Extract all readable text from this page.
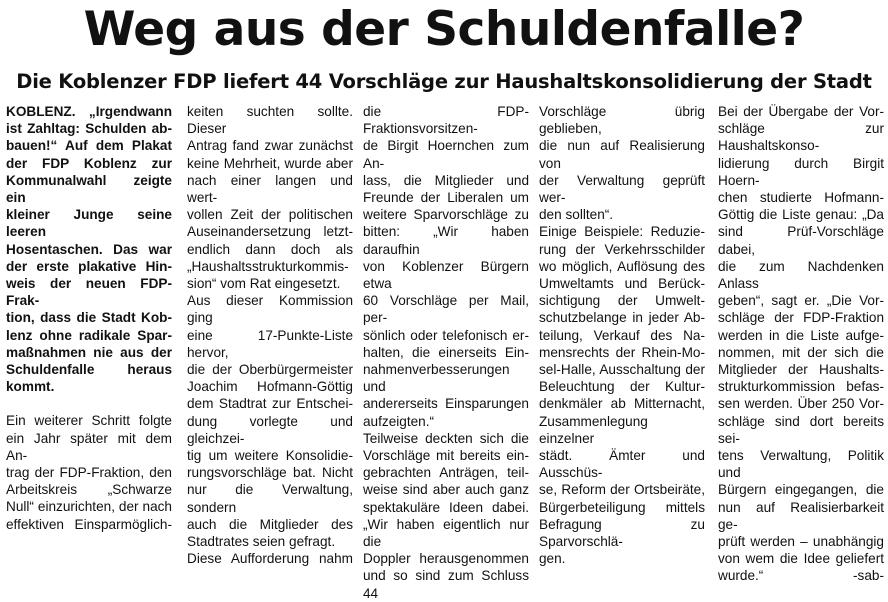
Weg aus der Schuldenfalle?
Die Koblenzer FDP liefert 44 Vorschläge zur Haushaltskonsolidierung der Stadt

KOBLENZ. „Irgendwann

ist Zahltag: Schulden ab-

bauen!“ Auf dem Plakat

der FDP Koblenz zur

Kommunalwahl zeigte ein

kleiner Junge seine leeren

Hosentaschen. Das war

der erste plakative Hin-

weis der neuen FDP-Frak-

tion, dass die Stadt Kob-

lenz ohne radikale Spar-

maßnahmen nie aus der

Schuldenfalle heraus

kommt.

Ein weiterer Schritt folgte

ein Jahr später mit dem An-

trag der FDP-Fraktion, den

Arbeitskreis „Schwarze

Null“ einzurichten, der nach

effektiven Einsparmöglich-

keiten suchten sollte. Dieser

Antrag fand zwar zunächst

keine Mehrheit, wurde aber

nach einer langen und wert-

vollen Zeit der politischen

Auseinandersetzung letzt-

endlich dann doch als

„Haushaltsstrukturkommis-

sion“ vom Rat eingesetzt.

Aus dieser Kommission ging

eine 17-Punkte-Liste hervor,

die der Oberbürgermeister

Joachim Hofmann-Göttig

dem Stadtrat zur Entschei-

dung vorlegte und gleichzei-

tig um weitere Konsolidie-

rungsvorschläge bat. Nicht

nur die Verwaltung, sondern

auch die Mitglieder des

Stadtrates seien gefragt.

Diese Aufforderung nahm

die FDP-Fraktionsvorsitzen-

de Birgit Hoernchen zum An-

lass, die Mitglieder und

Freunde der Liberalen um

weitere Sparvorschläge zu

bitten: „Wir haben daraufhin

von Koblenzer Bürgern etwa

60 Vorschläge per Mail, per-

sönlich oder telefonisch er-

halten, die einerseits Ein-

nahmenverbesserungen und

andererseits Einsparungen

aufzeigten.“

Teilweise deckten sich die

Vorschläge mit bereits ein-

gebrachten Anträgen, teil-

weise sind aber auch ganz

spektakuläre Ideen dabei.

„Wir haben eigentlich nur die

Doppler herausgenommen

und so sind zum Schluss 44

Vorschläge übrig geblieben,

die nun auf Realisierung von

der Verwaltung geprüft wer-

den sollten“.

Einige Beispiele: Reduzie-

rung der Verkehrsschilder

wo möglich, Auflösung des

Umweltamts und Berück-

sichtigung der Umwelt-

schutzbelange in jeder Ab-

teilung, Verkauf des Na-

mensrechts der Rhein-Mo-

sel-Halle, Ausschaltung der

Beleuchtung der Kultur-

denkmäler ab Mitternacht,

Zusammenlegung einzelner

städt. Ämter und Ausschüs-

se, Reform der Ortsbeiräte,

Bürgerbeteiligung mittels

Befragung zu Sparvorschlä-

gen.

Bei der Übergabe der Vor-

schläge zur Haushaltskonso-

lidierung durch Birgit Hoern-

chen studierte Hofmann-

Göttig die Liste genau: „Da

sind Prüf-Vorschläge dabei,

die zum Nachdenken Anlass

geben“, sagt er. „Die Vor-

schläge der FDP-Fraktion

werden in die Liste aufge-

nommen, mit der sich die

Mitglieder der Haushalts-

strukturkommission befas-

sen werden. Über 250 Vor-

schläge sind dort bereits sei-

tens Verwaltung, Politik und

Bürgern eingegangen, die

nun auf Realisierbarkeit ge-

prüft werden – unabhängig

von wem die Idee geliefert

wurde.“	-sab-
